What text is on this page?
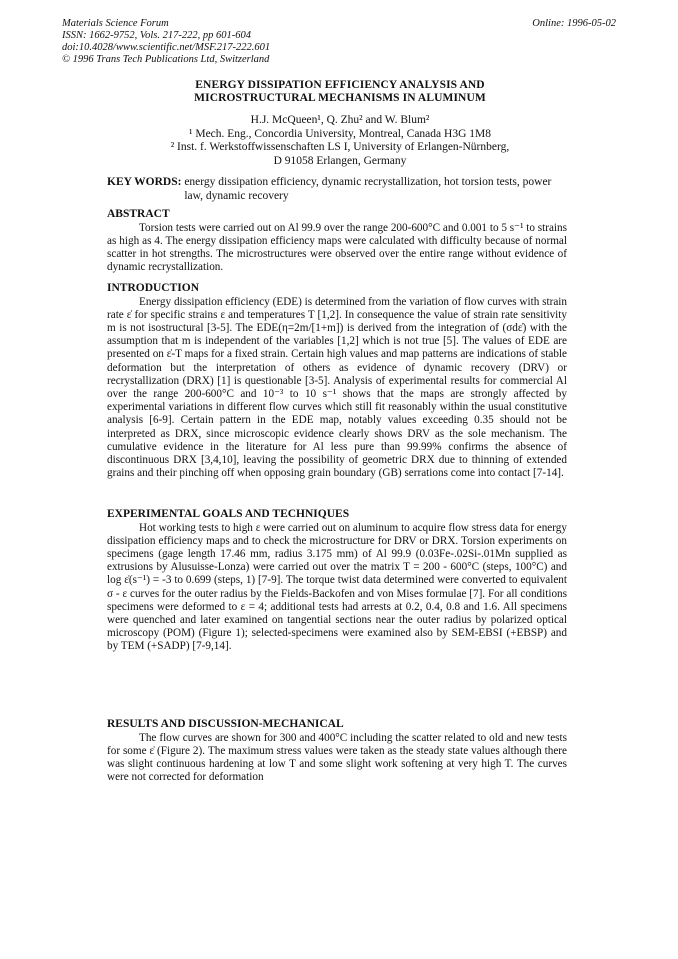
Materials Science Forum
ISSN: 1662-9752, Vols. 217-222, pp 601-604
doi:10.4028/www.scientific.net/MSF.217-222.601
© 1996 Trans Tech Publications Ltd, Switzerland
Online: 1996-05-02
ENERGY DISSIPATION EFFICIENCY ANALYSIS AND
MICROSTRUCTURAL MECHANISMS IN ALUMINUM
H.J. McQueen¹, Q. Zhu² and W. Blum²
¹ Mech. Eng., Concordia University, Montreal, Canada H3G 1M8
² Inst. f. Werkstoffwissenschaften LS I, University of Erlangen-Nürnberg,
D 91058 Erlangen, Germany
KEY WORDS: energy dissipation efficiency, dynamic recrystallization, hot torsion tests, power law, dynamic recovery
ABSTRACT

Torsion tests were carried out on Al 99.9 over the range 200-600°C and 0.001 to 5 s⁻¹ to strains as high as 4. The energy dissipation efficiency maps were calculated with difficulty because of normal scatter in hot strengths. The microstructures were observed over the entire range without evidence of dynamic recrystallization.

INTRODUCTION

Energy dissipation efficiency (EDE) is determined from the variation of flow curves with strain rate ε̇ for specific strains ε and temperatures T [1,2]. In consequence the value of strain rate sensitivity m is not isostructural [3-5]. The EDE(η=2m/[1+m]) is derived from the integration of (σdε̇) with the assumption that m is independent of the variables [1,2] which is not true [5]. The values of EDE are presented on ε̇-T maps for a fixed strain. Certain high values and map patterns are indications of stable deformation but the interpretation of others as evidence of dynamic recovery (DRV) or recrystallization (DRX) [1] is questionable [3-5]. Analysis of experimental results for commercial Al over the range 200-600°C and 10⁻³ to 10 s⁻¹ shows that the maps are strongly affected by experimental variations in different flow curves which still fit reasonably within the usual constitutive analysis [6-9]. Certain pattern in the EDE map, notably values exceeding 0.35 should not be interpreted as DRX, since microscopic evidence clearly shows DRV as the sole mechanism. The cumulative evidence in the literature for Al less pure than 99.99% confirms the absence of discontinuous DRX [3,4,10], leaving the possibility of geometric DRX due to thinning of extended grains and their pinching off when opposing grain boundary (GB) serrations come into contact [7-14].

EXPERIMENTAL GOALS AND TECHNIQUES

Hot working tests to high ε were carried out on aluminum to acquire flow stress data for energy dissipation efficiency maps and to check the microstructure for DRV or DRX. Torsion experiments on specimens (gage length 17.46 mm, radius 3.175 mm) of Al 99.9 (0.03Fe-.02Si-.01Mn supplied as extrusions by Alusuisse-Lonza) were carried out over the matrix T = 200 - 600°C (steps, 100°C) and log ε̇(s⁻¹) = -3 to 0.699 (steps, 1) [7-9]. The torque twist data determined were converted to equivalent σ - ε curves for the outer radius by the Fields-Backofen and von Mises formulae [7]. For all conditions specimens were deformed to ε = 4; additional tests had arrests at 0.2, 0.4, 0.8 and 1.6. All specimens were quenched and later examined on tangential sections near the outer radius by polarized optical microscopy (POM) (Figure 1); selected-specimens were examined also by SEM-EBSI (+EBSP) and by TEM (+SADP) [7-9,14].

RESULTS AND DISCUSSION-MECHANICAL

The flow curves are shown for 300 and 400°C including the scatter related to old and new tests for some ε̇ (Figure 2). The maximum stress values were taken as the steady state values although there was slight continuous hardening at low T and some slight work softening at very high T. The curves were not corrected for deformation
